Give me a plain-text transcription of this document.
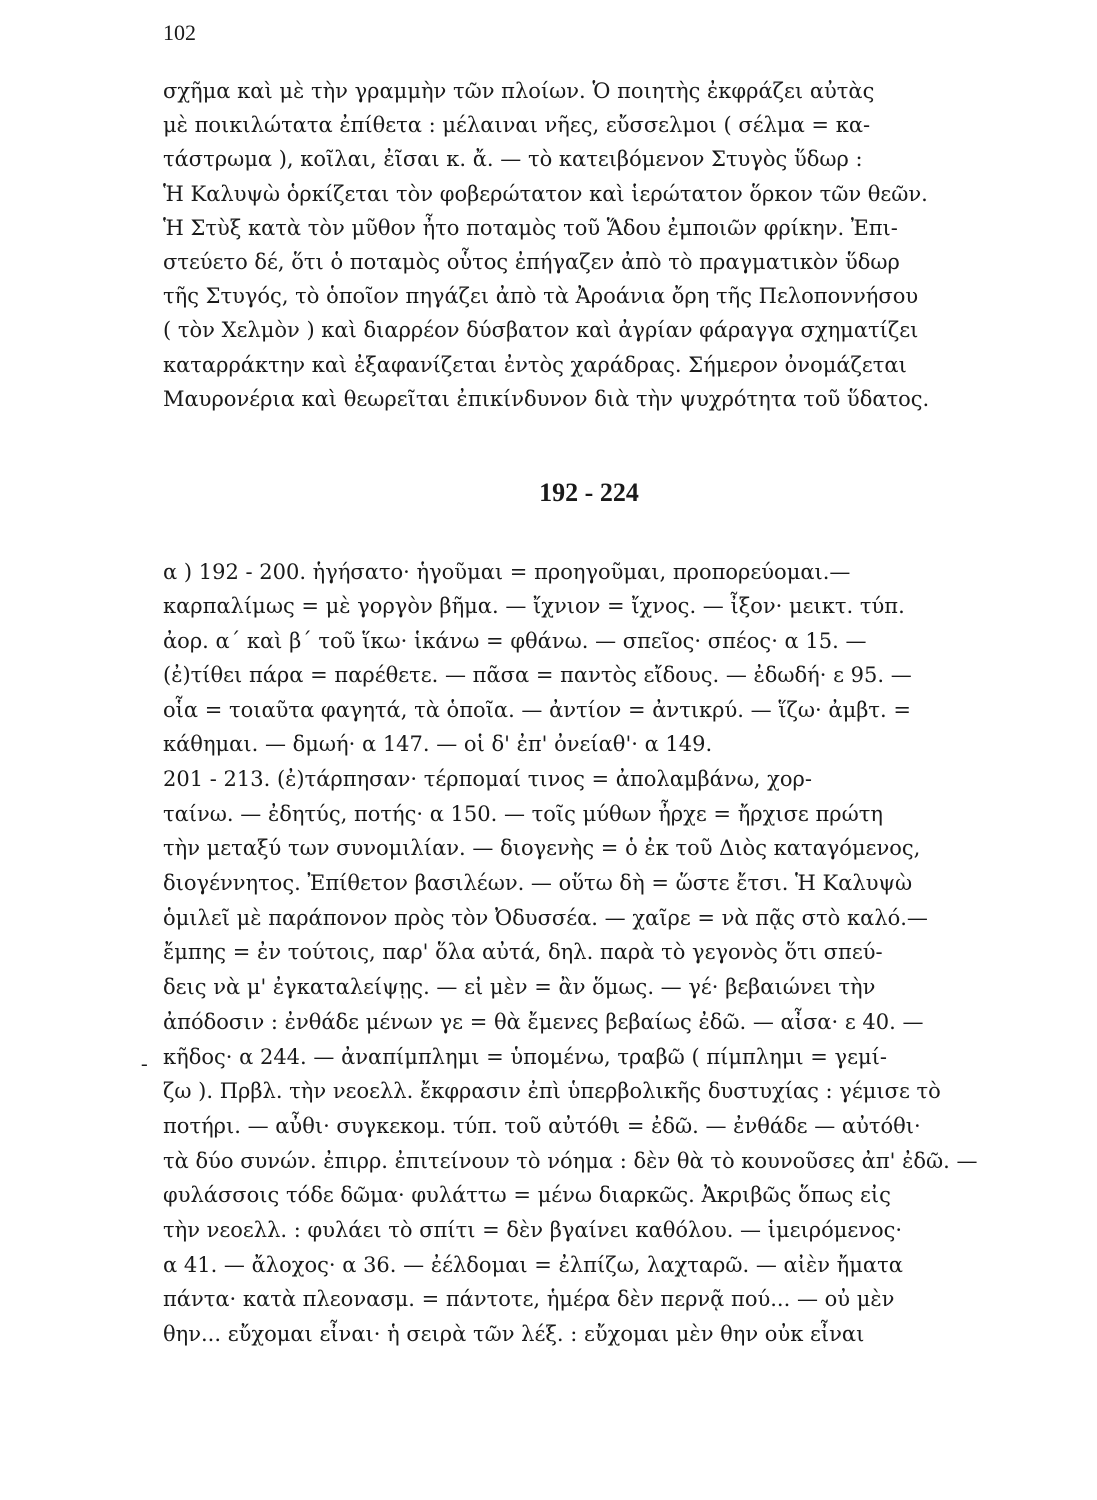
102
σχῆμα καὶ μὲ τὴν γραμμὴν τῶν πλοίων. Ὁ ποιητὴς ἐκφράζει αὐτὰς
μὲ ποικιλώτατα ἐπίθετα : μέλαιναι νῆες, εὔσσελμοι ( σέλμα = κα-
τάστρωμα ), κοῖλαι, ἐῖσαι κ. ἄ. — τὸ κατειβόμενον Στυγὸς ὕδωρ :
Ἡ Καλυψὼ ὁρκίζεται τὸν φοβερώτατον καὶ ἱερώτατον ὅρκον τῶν θεῶν.
Ἡ Στὺξ κατὰ τὸν μῦθον ἦτο ποταμὸς τοῦ Ἅδου ἐμποιῶν φρίκην. Ἐπι-
στεύετο δέ, ὅτι ὁ ποταμὸς οὗτος ἐπήγαζεν ἀπὸ τὸ πραγματικὸν ὕδωρ
τῆς Στυγός, τὸ ὁποῖον πηγάζει ἀπὸ τὰ Ἀροάνια ὄρη τῆς Πελοποννήσου
( τὸν Χελμὸν ) καὶ διαρρέον δύσβατον καὶ ἀγρίαν φάραγγα σχηματίζει
καταρράκτην καὶ ἐξαφανίζεται ἐντὸς χαράδρας. Σήμερον ὀνομάζεται
Μαυρονέρια καὶ θεωρεῖται ἐπικίνδυνον διὰ τὴν ψυχρότητα τοῦ ὕδατος.
192 - 224
α ) 192 - 200. ἡγήσατο· ἡγοῦμαι = προηγοῦμαι, προπορεύομαι.—
καρπαλίμως = μὲ γοργὸν βῆμα. — ἴχνιον = ἴχνος. — ἶξον· μεικτ. τύπ.
ἀορ. α΄ καὶ β΄ τοῦ ἵκω· ἱκάνω = φθάνω. — σπεῖος· σπέος· α 15. —
(ἐ)τίθει πάρα = παρέθετε. — πᾶσα = παντὸς εἴδους. — ἐδωδή· ε 95. —
οἷα = τοιαῦτα φαγητά, τὰ ὁποῖα. — ἀντίον = ἀντικρύ. — ἵζω· ἀμβτ. =
κάθημαι. — δμωή· α 147. — οἱ δ' ἐπ' ὀνείαθ'· α 149.
201 - 213. (ἐ)τάρπησαν· τέρπομαί τινος = ἀπολαμβάνω, χορ-
ταίνω. — ἐδητύς, ποτής· α 150. — τοῖς μύθων ἦρχε = ἤρχισε πρώτη
τὴν μεταξύ των συνομιλίαν. — διογενὴς = ὁ ἐκ τοῦ Διὸς καταγόμενος,
διογέννητος. Ἐπίθετον βασιλέων. — οὕτω δὴ = ὥστε ἔτσι. Ἡ Καλυψὼ
ὁμιλεῖ μὲ παράπονον πρὸς τὸν Ὀδυσσέα. — χαῖρε = νὰ πᾷς στὸ καλό.—
ἔμπης = ἐν τούτοις, παρ' ὅλα αὐτά, δηλ. παρὰ τὸ γεγονὸς ὅτι σπεύ-
δεις νὰ μ' ἐγκαταλείψῃς. — εἰ μὲν = ἂν ὅμως. — γέ· βεβαιώνει τὴν
ἀπόδοσιν : ἐνθάδε μένων γε = θὰ ἔμενες βεβαίως ἐδῶ. — αἶσα· ε 40. —
κῆδος· α 244. — ἀναπίμπλημι = ὑπομένω, τραβῶ ( πίμπλημι = γεμί-
ζω ). Πρβλ. τὴν νεοελλ. ἔκφρασιν ἐπὶ ὑπερβολικῆς δυστυχίας : γέμισε τὸ
ποτήρι. — αὖθι· συγκεκομ. τύπ. τοῦ αὐτόθι = ἐδῶ. — ἐνθάδε — αὐτόθι·
τὰ δύο συνών. ἐπιρρ. ἐπιτείνουν τὸ νόημα : δὲν θὰ τὸ κουνοῦσες ἀπ' ἐδῶ. —
φυλάσσοις τόδε δῶμα· φυλάττω = μένω διαρκῶς. Ἀκριβῶς ὅπως εἰς
τὴν νεοελλ. : φυλάει τὸ σπίτι = δὲν βγαίνει καθόλου. — ἱμειρόμενος·
α 41. — ἄλοχος· α 36. — ἐέλδομαι = ἐλπίζω, λαχταρῶ. — αἰὲν ἤματα
πάντα· κατὰ πλεονασμ. = πάντοτε, ἡμέρα δὲν περνᾷ πού... — οὐ μὲν
θην... εὔχομαι εἶναι· ἡ σειρὰ τῶν λέξ. : εὔχομαι μὲν θην οὐκ εἶναι
-
